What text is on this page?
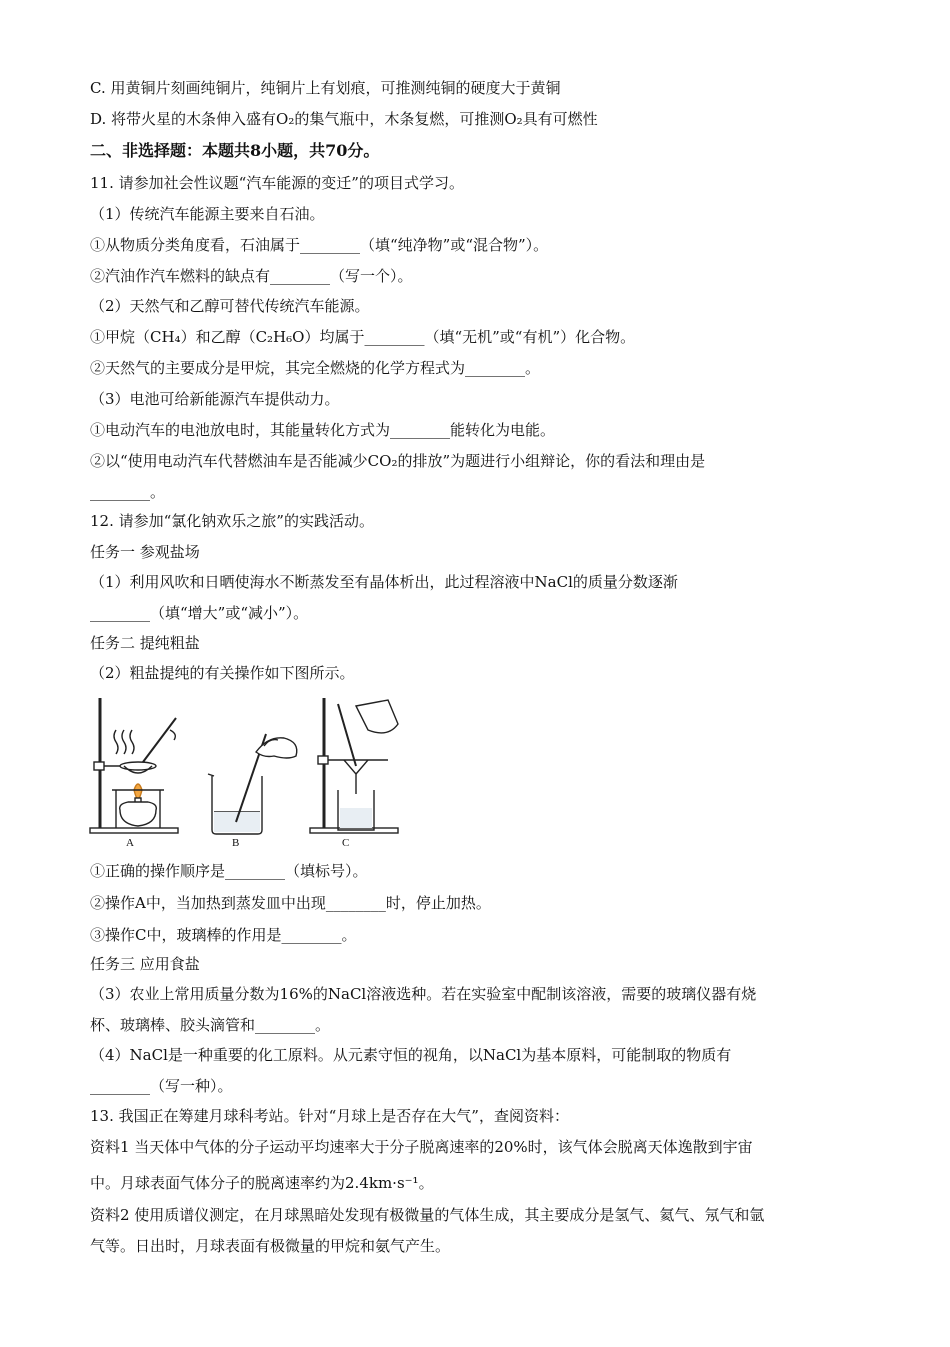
C. 用黄铜片刻画纯铜片，纯铜片上有划痕，可推测纯铜的硬度大于黄铜
D. 将带火星的木条伸入盛有O₂的集气瓶中，木条复燃，可推测O₂具有可燃性
二、非选择题：本题共8小题，共70分。
11. 请参加社会性议题“汽车能源的变迁”的项目式学习。
（1）传统汽车能源主要来自石油。
①从物质分类角度看，石油属于________（填“纯净物”或“混合物”）。
②汽油作汽车燃料的缺点有________（写一个）。
（2）天然气和乙醇可替代传统汽车能源。
①甲烷（CH₄）和乙醇（C₂H₆O）均属于________（填“无机”或“有机”）化合物。
②天然气的主要成分是甲烷，其完全燃烧的化学方程式为________。
（3）电池可给新能源汽车提供动力。
①电动汽车的电池放电时，其能量转化方式为________能转化为电能。
②以“使用电动汽车代替燃油车是否能减少CO₂的排放”为题进行小组辩论，你的看法和理由是
________。
12. 请参加“氯化钠欢乐之旅”的实践活动。
任务一 参观盐场
（1）利用风吹和日晒使海水不断蒸发至有晶体析出，此过程溶液中NaCl的质量分数逐渐
________（填“增大”或“减小”）。
任务二 提纯粗盐
（2）粗盐提纯的有关操作如下图所示。
A	B	C
①正确的操作顺序是________（填标号）。
②操作A中，当加热到蒸发皿中出现________时，停止加热。
③操作C中，玻璃棒的作用是________。
任务三 应用食盐
（3）农业上常用质量分数为16%的NaCl溶液选种。若在实验室中配制该溶液，需要的玻璃仪器有烧
杯、玻璃棒、胶头滴管和________。
（4）NaCl是一种重要的化工原料。从元素守恒的视角，以NaCl为基本原料，可能制取的物质有
________（写一种）。
13. 我国正在筹建月球科考站。针对“月球上是否存在大气”，查阅资料：
资料1 当天体中气体的分子运动平均速率大于分子脱离速率的20%时，该气体会脱离天体逸散到宇宙
中。月球表面气体分子的脱离速率约为2.4km·s⁻¹。
资料2 使用质谱仪测定，在月球黑暗处发现有极微量的气体生成，其主要成分是氢气、氦气、氖气和氩
气等。日出时，月球表面有极微量的甲烷和氨气产生。
